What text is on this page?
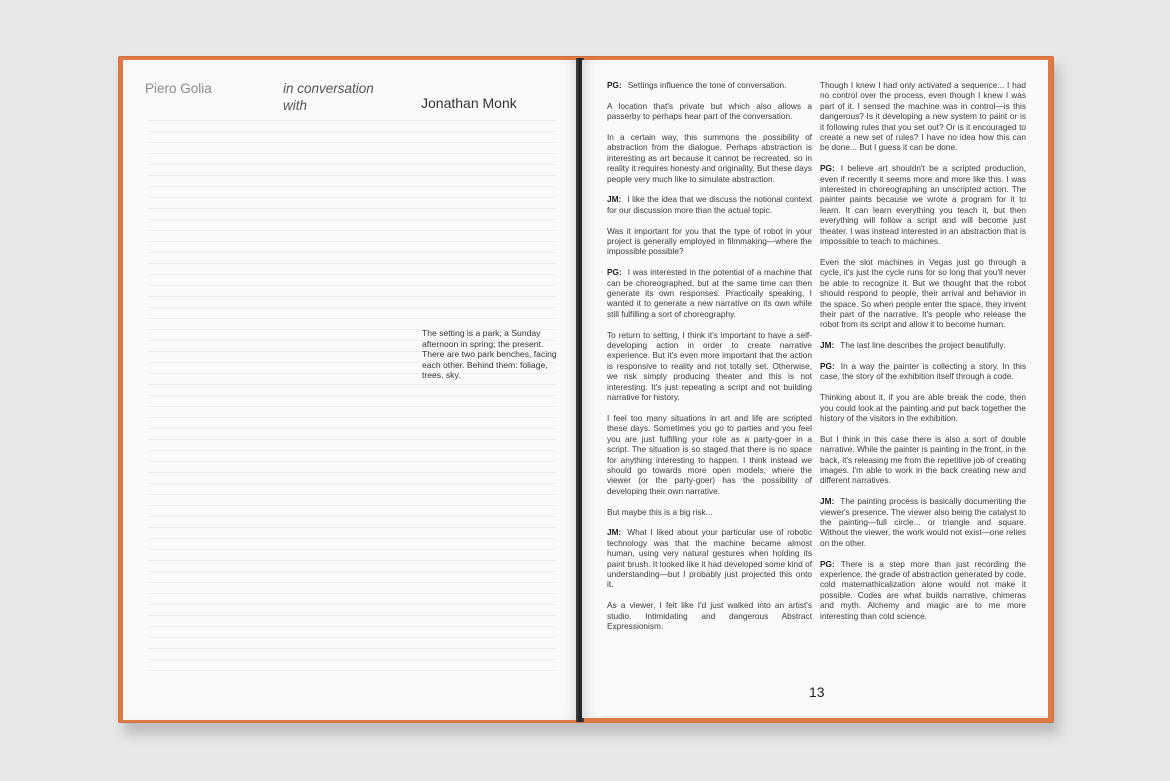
Piero Golia	in conversation with	Jonathan Monk
The setting is a park; a Sunday afternoon in spring; the present. There are two park benches, facing each other. Behind them: foliage, trees, sky.
PG: Settings influence the tone of conversation.
A location that's private but which also allows a passerby to perhaps hear part of the conversation.
In a certain way, this summons the possibility of abstraction from the dialogue. Perhaps abstraction is interesting as art because it cannot be recreated, so in reality it requires honesty and originality. But these days people very much like to simulate abstraction.
JM: I like the idea that we discuss the notional context for our discussion more than the actual topic.
Was it important for you that the type of robot in your project is generally employed in filmmaking—where the impossible possible?
PG: I was interested in the potential of a machine that can be choreographed, but at the same time can then generate its own responses. Practically speaking, I wanted it to generate a new narrative on its own while still fulfilling a sort of choreography.
To return to setting, I think it's important to have a self-developing action in order to create narrative experience. But it's even more important that the action is responsive to reality and not totally set. Otherwise, we risk simply producing theater and this is not interesting. It's just repeating a script and not building narrative for history.
I feel too many situations in art and life are scripted these days. Sometimes you go to parties and you feel you are just fulfilling your role as a party-goer in a script. The situation is so staged that there is no space for anything interesting to happen. I think instead we should go towards more open models, where the viewer (or the party-goer) has the possibility of developing their own narrative.
But maybe this is a big risk...
JM: What I liked about your particular use of robotic technology was that the machine became almost human, using very natural gestures when holding its paint brush. It looked like it had developed some kind of understanding—but I probably just projected this onto it.
As a viewer, I felt like I'd just walked into an artist's studio. Intimidating and dangerous Abstract Expressionism.
Though I knew I had only activated a sequence... I had no control over the process, even though I knew I was part of it. I sensed the machine was in control—is this dangerous? Is it developing a new system to paint or is it following rules that you set out? Or is it encouraged to create a new set of rules? I have no idea how this can be done... But I guess it can be done.
PG: I believe art shouldn't be a scripted production, even if recently it seems more and more like this. I was interested in choreographing an unscripted action. The painter paints because we wrote a program for it to learn. It can learn everything you teach it, but then everything will follow a script and will become just theater. I was instead interested in an abstraction that is impossible to teach to machines.
Even the slot machines in Vegas just go through a cycle, it's just the cycle runs for so long that you'll never be able to recognize it. But we thought that the robot should respond to people, their arrival and behavior in the space. So when people enter the space, they invent their part of the narrative. It's people who release the robot from its script and allow it to become human.
JM: The last line describes the project beautifully.
PG: In a way the painter is collecting a story. In this case, the story of the exhibition itself through a code.
Thinking about it, if you are able break the code, then you could look at the painting and put back together the history of the visitors in the exhibition.
But I think in this case there is also a sort of double narrative. While the painter is painting in the front, in the back, it's releasing me from the repetitive job of creating images. I'm able to work in the back creating new and different narratives.
JM: The painting process is basically documenting the viewer's presence. The viewer also being the catalyst to the painting—full circle... or triangle and square. Without the viewer, the work would not exist—one relies on the other.
PG: There is a step more than just recording the experience, the grade of abstraction generated by code, cold matemathicalization alone would not make it possible. Codes are what builds narrative, chimeras and myth. Alchemy and magic are to me more interesting than cold science.
13
